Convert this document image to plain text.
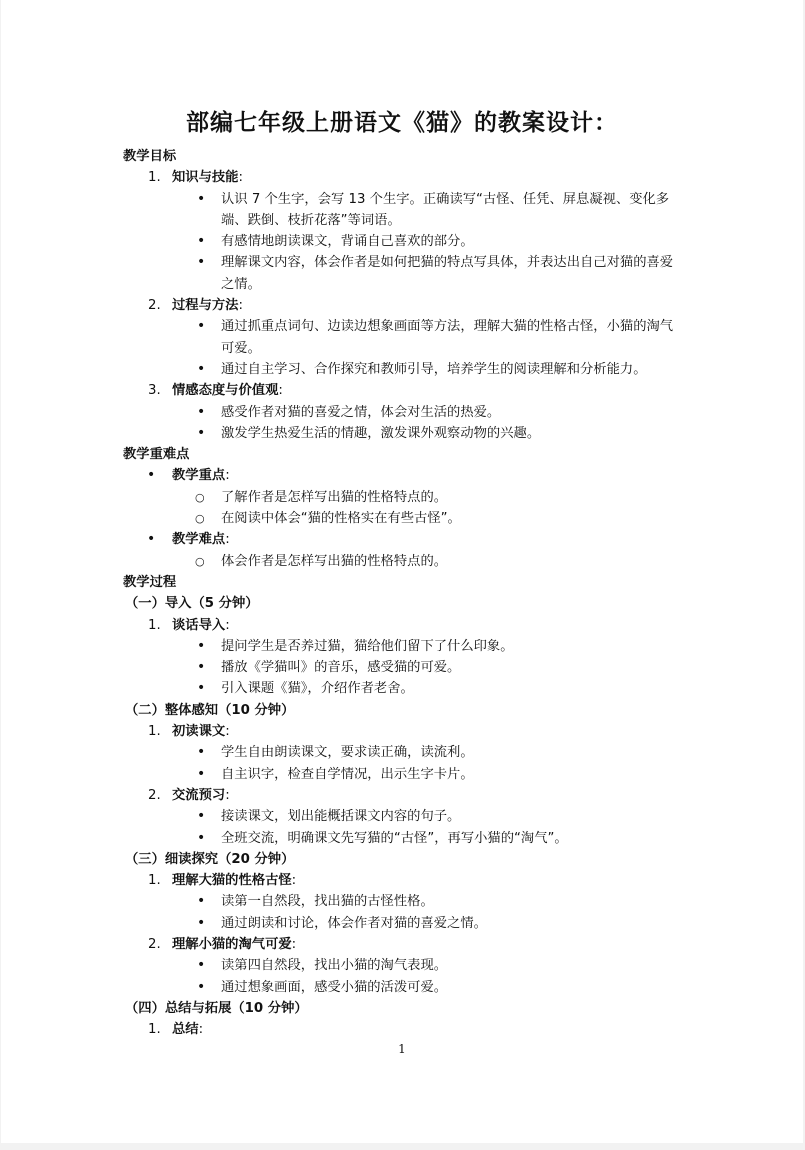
部编七年级上册语文《猫》的教案设计：
教学目标
1. 知识与技能:
• 认识 7 个生字，会写 13 个生字。正确读写“古怪、任凭、屏息凝视、变化多端、跌倒、枝折花落”等词语。
• 有感情地朗读课文，背诵自己喜欢的部分。
• 理解课文内容，体会作者是如何把猫的特点写具体，并表达出自己对猫的喜爱之情。
2. 过程与方法:
• 通过抓重点词句、边读边想象画面等方法，理解大猫的性格古怪，小猫的淘气可爱。
• 通过自主学习、合作探究和教师引导，培养学生的阅读理解和分析能力。
3. 情感态度与价值观:
• 感受作者对猫的喜爱之情，体会对生活的热爱。
• 激发学生热爱生活的情趣，激发课外观察动物的兴趣。
教学重难点
• 教学重点:
○ 了解作者是怎样写出猫的性格特点的。
○ 在阅读中体会“猫的性格实在有些古怪”。
• 教学难点:
○ 体会作者是怎样写出猫的性格特点的。
教学过程
（一）导入（5 分钟）
1. 谈话导入:
• 提问学生是否养过猫，猫给他们留下了什么印象。
• 播放《学猫叫》的音乐，感受猫的可爱。
• 引入课题《猫》，介绍作者老舍。
（二）整体感知（10 分钟）
1. 初读课文:
• 学生自由朗读课文，要求读正确，读流利。
• 自主识字，检查自学情况，出示生字卡片。
2. 交流预习:
• 接读课文，划出能概括课文内容的句子。
• 全班交流，明确课文先写猫的“古怪”，再写小猫的“淘气”。
（三）细读探究（20 分钟）
1. 理解大猫的性格古怪:
• 读第一自然段，找出猫的古怪性格。
• 通过朗读和讨论，体会作者对猫的喜爱之情。
2. 理解小猫的淘气可爱:
• 读第四自然段，找出小猫的淘气表现。
• 通过想象画面，感受小猫的活泼可爱。
（四）总结与拓展（10 分钟）
1. 总结:
1
